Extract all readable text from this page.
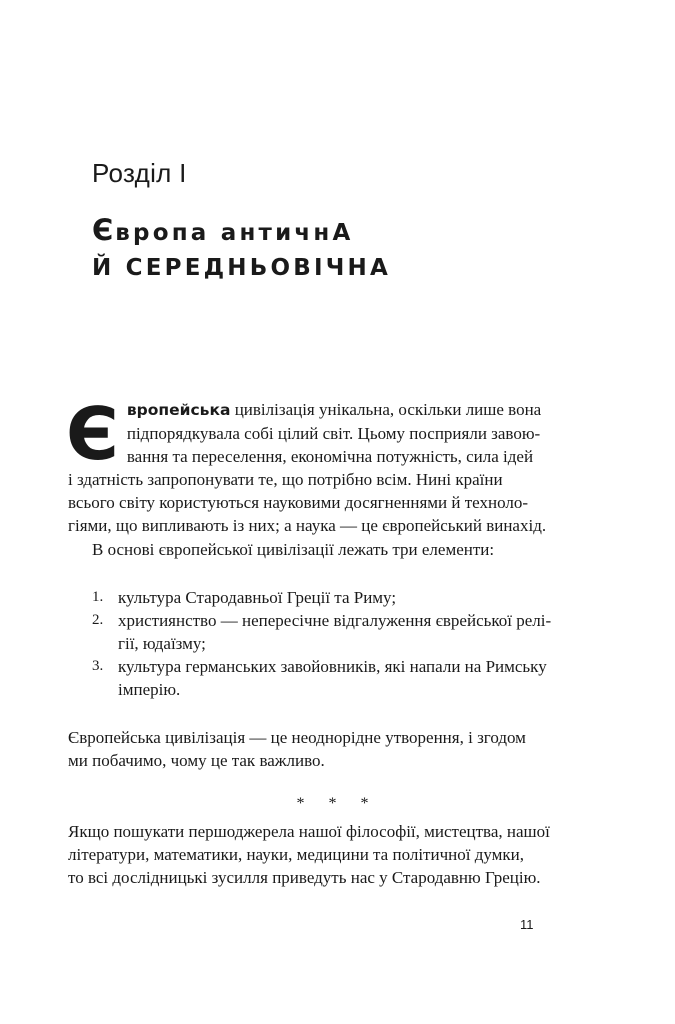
Розділ I
Європа античнА
Й СЕРЕДНЬОВІЧНА
Є вропейська цивілізація унікальна, оскільки лише вона
підпорядкувала собі цілий світ. Цьому посприяли завою-
вання та переселення, економічна потужність, сила ідей
і здатність запропонувати те, що потрібно всім. Нині країни
всього світу користуються науковими досягненнями й техноло-
гіями, що випливають із них; а наука — це європейський винахід.

В основі європейської цивілізації лежать три елементи:
1. культура Стародавньої Греції та Риму;
2. християнство — непересічне відгалуження єврейської релі-
гії, юдаїзму;
3. культура германських завойовників, які напали на Римську
імперію.
Європейська цивілізація — це неоднорідне утворення, і згодом
ми побачимо, чому це так важливо.
* * *
Якщо пошукати першоджерела нашої філософії, мистецтва, нашої
літератури, математики, науки, медицини та політичної думки,
то всі дослідницькі зусилля приведуть нас у Стародавню Грецію.
11
